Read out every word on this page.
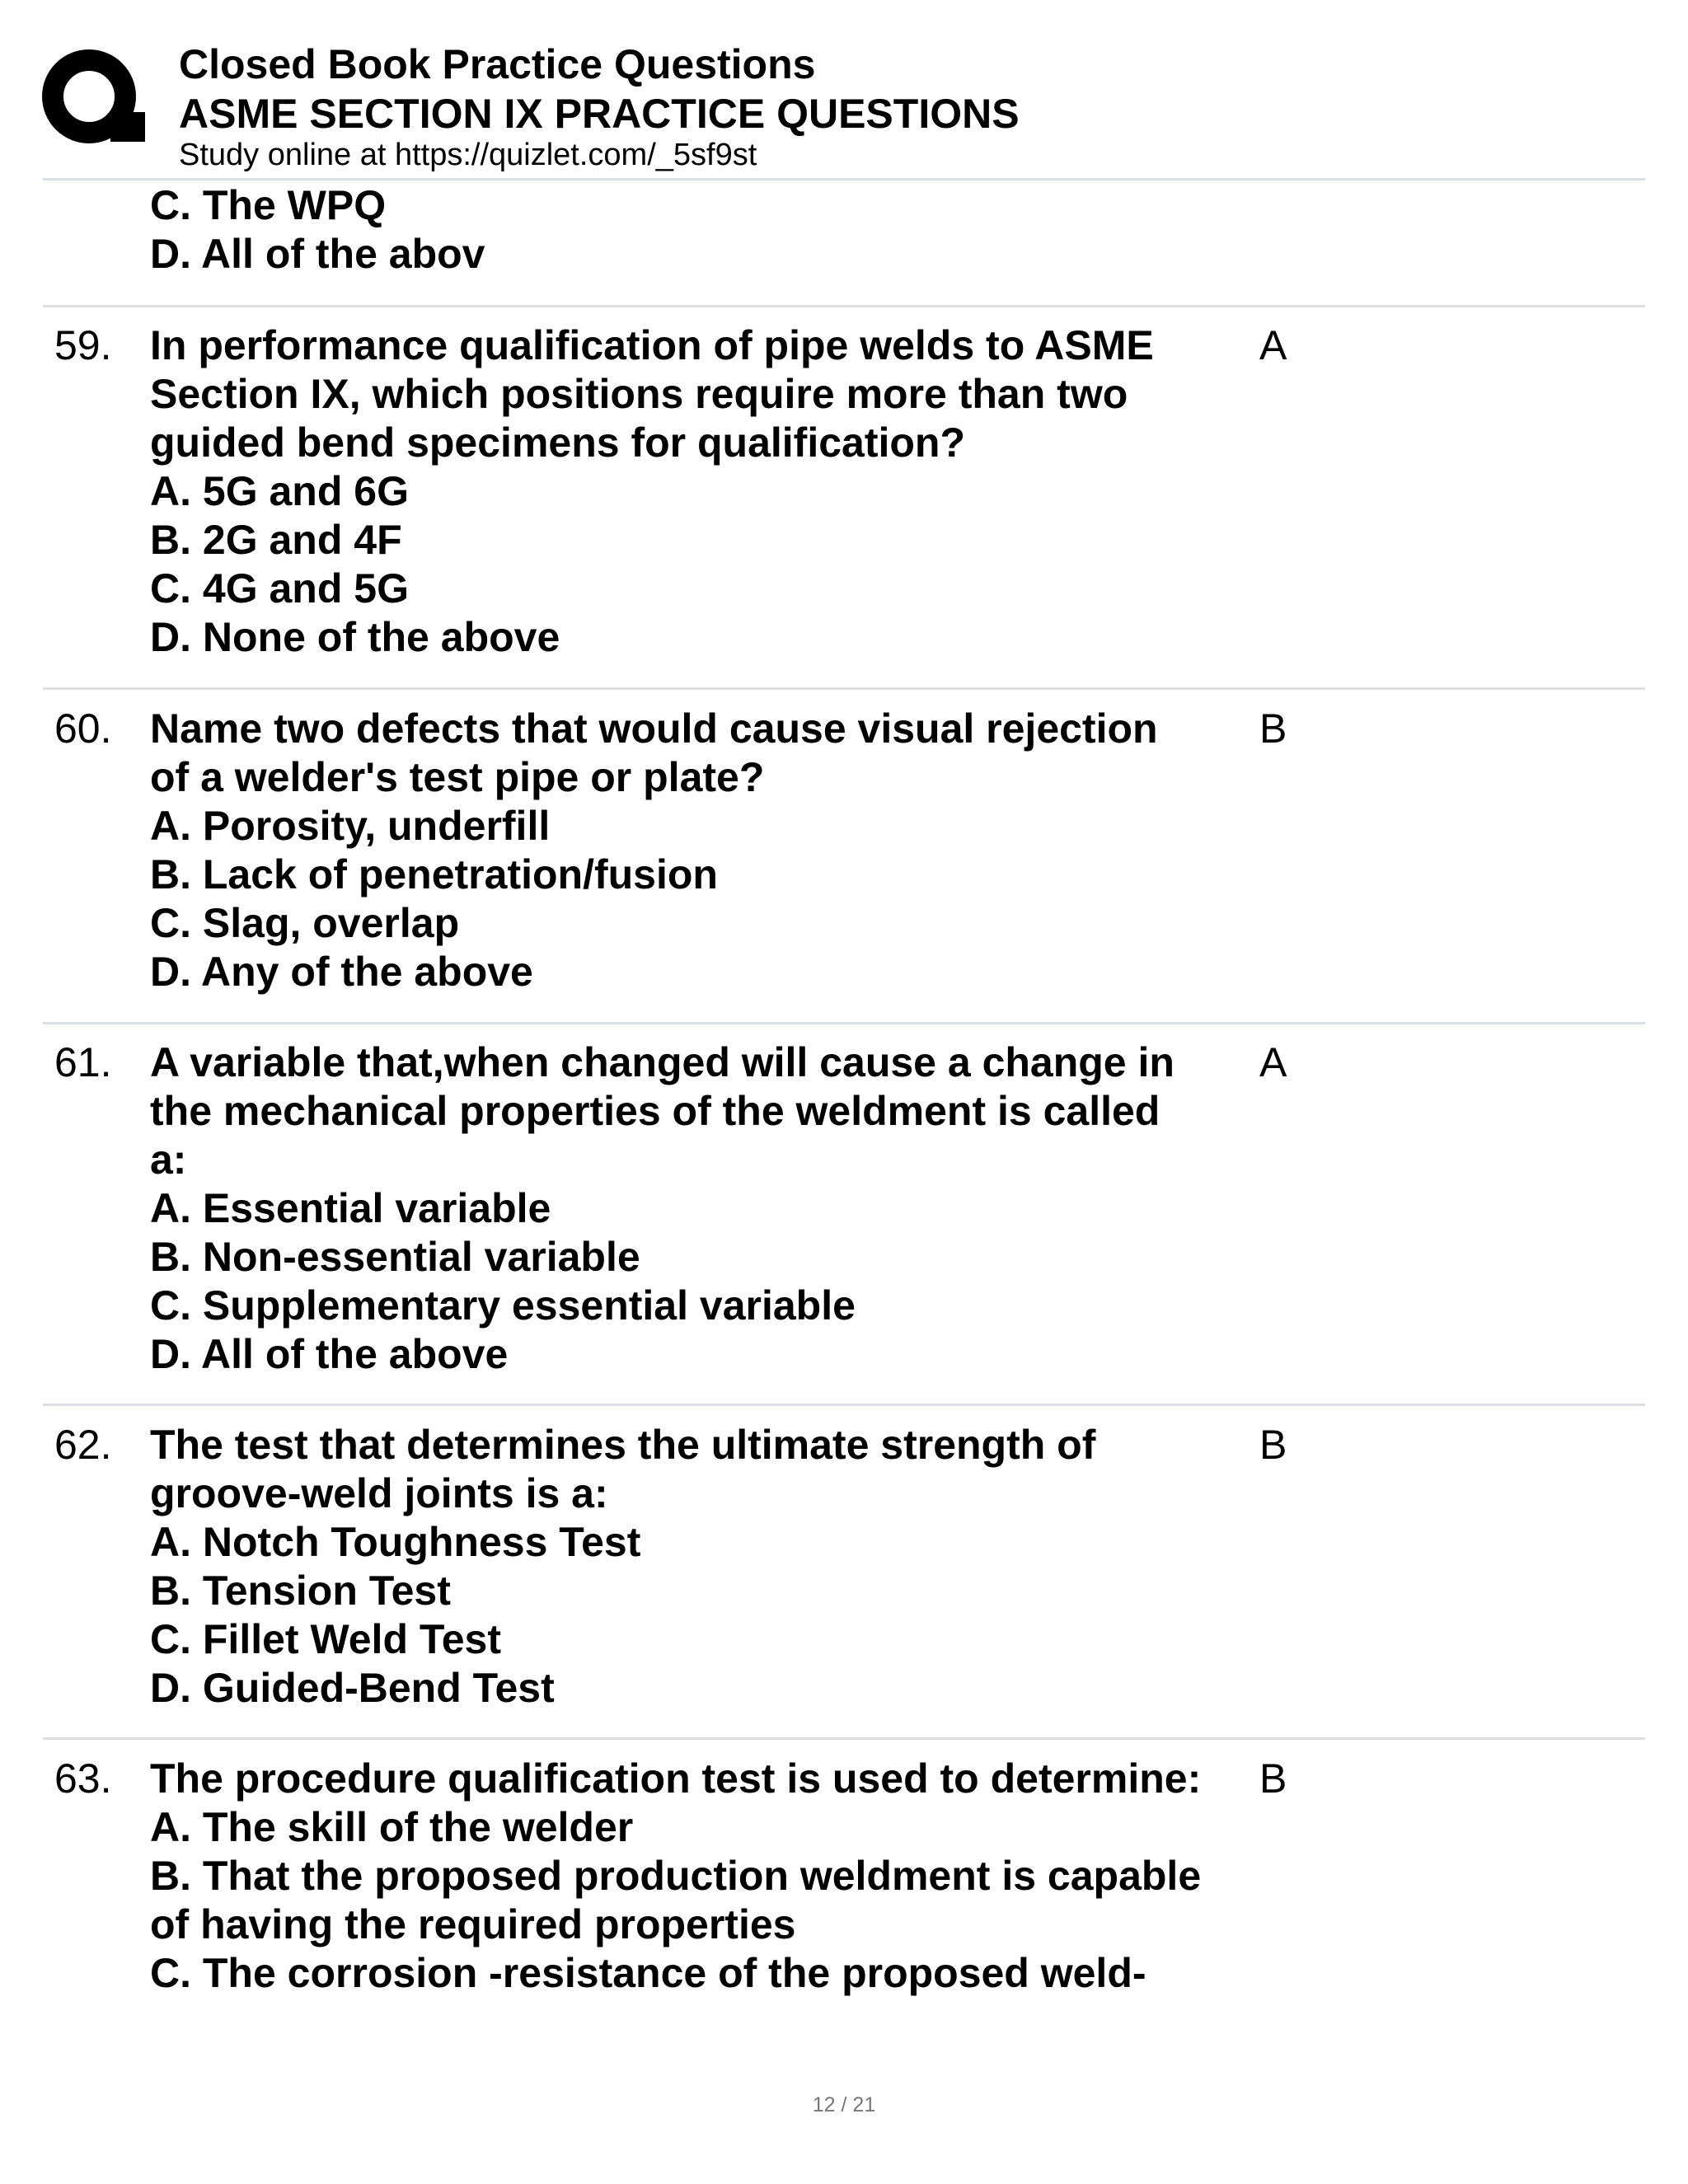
Closed Book Practice Questions
ASME SECTION IX PRACTICE QUESTIONS
Study online at https://quizlet.com/_5sf9st
C. The WPQ
D. All of the abov
59. In performance qualification of pipe welds to ASME
Section IX, which positions require more than two
guided bend specimens for qualification?
A. 5G and 6G
B. 2G and 4F
C. 4G and 5G
D. None of the above
A
60. Name two defects that would cause visual rejection
of a welder's test pipe or plate?
A. Porosity, underfill
B. Lack of penetration/fusion
C. Slag, overlap
D. Any of the above
B
61. A variable that,when changed will cause a change in
the mechanical properties of the weldment is called
a:
A. Essential variable
B. Non-essential variable
C. Supplementary essential variable
D. All of the above
A
62. The test that determines the ultimate strength of
groove-weld joints is a:
A. Notch Toughness Test
B. Tension Test
C. Fillet Weld Test
D. Guided-Bend Test
B
63. The procedure qualification test is used to determine:
A. The skill of the welder
B. That the proposed production weldment is capable
of having the required properties
C. The corrosion -resistance of the proposed weld-
B
12 / 21
